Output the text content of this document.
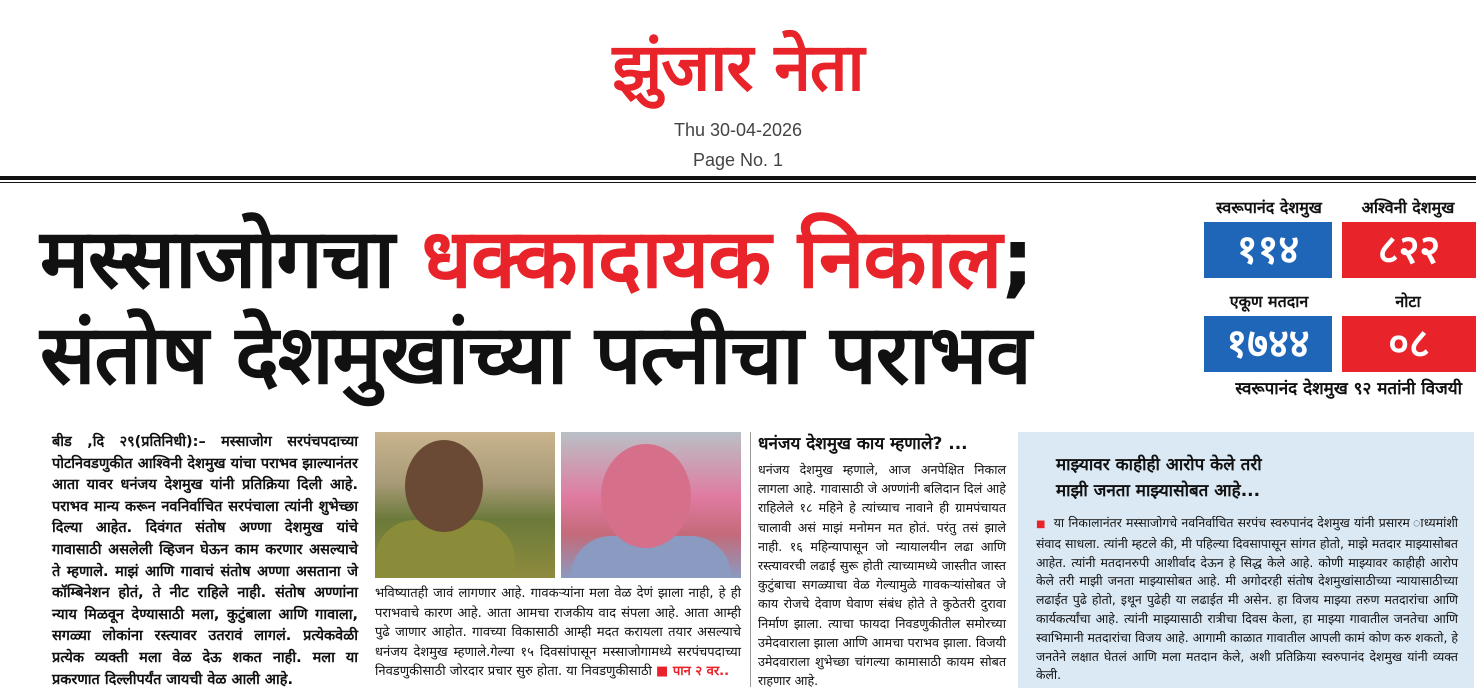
झुंजार नेता
Thu 30-04-2026
Page No. 1
मस्साजोगचा धक्कादायक निकाल;
संतोष देशमुखांच्या पत्नीचा पराभव
स्वरूपानंद देशमुख	अश्विनी देशमुख
११४	८२२
एकूण मतदान	नोटा
१७४४	०८
स्वरूपानंद देशमुख ९२ मतांनी विजयी

बीड ,दि २९(प्रतिनिधी):– मस्साजोग सरपंचपदाच्या पोटनिवडणुकीत आश्विनी देशमुख यांचा पराभव झाल्यानंतर आता यावर धनंजय देशमुख यांनी प्रतिक्रिया दिली आहे. पराभव मान्य करून नवनिर्वाचित सरपंचाला त्यांनी शुभेच्छा दिल्या आहेत. दिवंगत संतोष अण्णा देशमुख यांचे गावासाठी असलेली व्हिजन घेऊन काम करणार असल्याचे ते म्हणाले. माझं आणि गावाचं संतोष अण्णा असताना जे कॉम्बिनेशन होतं, ते नीट राहिले नाही. संतोष अण्णांना न्याय मिळवून देण्यासाठी मला, कुटुंबाला आणि गावाला, सगळ्या लोकांना रस्त्यावर उतरावं लागलं. प्रत्येकवेळी प्रत्येक व्यक्ती मला वेळ देऊ शकत नाही. मला या प्रकरणात दिल्लीपर्यंत जायची वेळ आली आहे.

भविष्यातही जावं लागणार आहे. गावकऱ्यांना मला वेळ देणं झाला नाही, हे ही पराभवाचे कारण आहे. आता आमचा राजकीय वाद संपला आहे. आता आम्ही पुढे जाणार आहोत. गावच्या विकासाठी आम्ही मदत करायला तयार असल्याचे धनंजय देशमुख म्हणाले.गेल्या १५ दिवसांपासून मस्साजोगामध्ये सरपंचपदाच्या निवडणुकीसाठी जोरदार प्रचार सुरु होता. या निवडणुकीसाठी ■ पान २ वर..
धनंजय देशमुख काय म्हणाले? ...

धनंजय देशमुख म्हणाले, आज अनपेक्षित निकाल लागला आहे. गावासाठी जे अण्णांनी बलिदान दिलं आहे राहिलेले १८ महिने हे त्यांच्याच नावाने ही ग्रामपंचायत चालावी असं माझं मनोमन मत होतं. परंतु तसं झाले नाही. १६ महिन्यापासून जो न्यायालयीन लढा आणि रस्त्यावरची लढाई सुरू होती त्याच्यामध्ये जास्तीत जास्त कुटुंबाचा सगळ्याचा वेळ गेल्यामुळे गावकऱ्यांसोबत जे काय रोजचे देवाण घेवाण संबंध होते ते कुठेतरी दुरावा निर्माण झाला. त्याचा फायदा निवडणुकीतील समोरच्या उमेदवाराला झाला आणि आमचा पराभव झाला. विजयी उमेदवाराला शुभेच्छा चांगल्या कामासाठी कायम सोबत राहणार आहे.

माझ्यावर काहीही आरोप केले तरी
माझी जनता माझ्यासोबत आहे...

■ या निकालानंतर मस्साजोगचे नवनिर्वाचित सरपंच स्वरुपानंद देशमुख यांनी प्रसारम ाध्यमांशी संवाद साधला. त्यांनी म्हटले की, मी पहिल्या दिवसापासून सांगत होतो, माझे मतदार माझ्यासोबत आहेत. त्यांनी मतदानरुपी आशीर्वाद देऊन हे सिद्ध केले आहे. कोणी माझ्यावर काहीही आरोप केले तरी माझी जनता माझ्यासोबत आहे. मी अगोदरही संतोष देशमुखांसाठीच्या न्यायासाठीच्या लढाईत पुढे होतो, इथून पुढेही या लढाईत मी असेन. हा विजय माझ्या तरुण मतदारांचा आणि कार्यकर्त्यांचा आहे. त्यांनी माझ्यासाठी रात्रीचा दिवस केला, हा माझ्या गावातील जनतेचा आणि स्वाभिमानी मतदारांचा विजय आहे. आगामी काळात गावातील आपली कामं कोण करु शकतो, हे जनतेने लक्षात घेतलं आणि मला मतदान केले, अशी प्रतिक्रिया स्वरुपानंद देशमुख यांनी व्यक्त केली.
